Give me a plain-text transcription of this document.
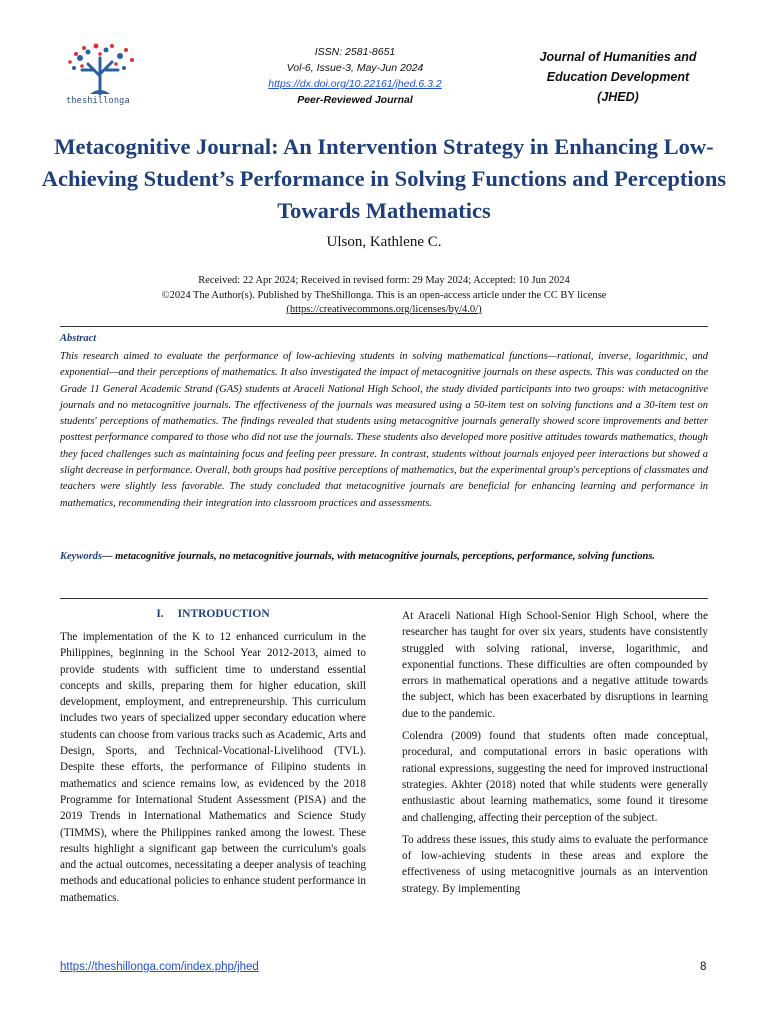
theshillonga
ISSN: 2581-8651
Vol-6, Issue-3, May-Jun 2024
https://dx.doi.org/10.22161/jhed.6.3.2
Peer-Reviewed Journal
Journal of Humanities and
Education Development
(JHED)
Metacognitive Journal: An Intervention Strategy in Enhancing Low-Achieving Student’s Performance in Solving Functions and Perceptions Towards Mathematics
Ulson, Kathlene C.
Received: 22 Apr 2024; Received in revised form: 29 May 2024; Accepted: 10 Jun 2024
©2024 The Author(s). Published by TheShillonga. This is an open-access article under the CC BY license
(https://creativecommons.org/licenses/by/4.0/)
Abstract
This research aimed to evaluate the performance of low-achieving students in solving mathematical functions—rational, inverse, logarithmic, and exponential—and their perceptions of mathematics. It also investigated the impact of metacognitive journals on these aspects. This was conducted on the Grade 11 General Academic Strand (GAS) students at Araceli National High School, the study divided participants into two groups: with metacognitive journals and no metacognitive journals. The effectiveness of the journals was measured using a 50-item test on solving functions and a 30-item test on students' perceptions of mathematics. The findings revealed that students using metacognitive journals generally showed score improvements and better posttest performance compared to those who did not use the journals. These students also developed more positive attitudes towards mathematics, though they faced challenges such as maintaining focus and feeling peer pressure. In contrast, students without journals enjoyed peer interactions but showed a slight decrease in performance. Overall, both groups had positive perceptions of mathematics, but the experimental group's perceptions of classmates and teachers were slightly less favorable. The study concluded that metacognitive journals are beneficial for enhancing learning and performance in mathematics, recommending their integration into classroom practices and assessments.
Keywords— metacognitive journals, no metacognitive journals, with metacognitive journals, perceptions, performance, solving functions.
I. INTRODUCTION

The implementation of the K to 12 enhanced curriculum in the Philippines, beginning in the School Year 2012-2013, aimed to provide students with sufficient time to understand essential concepts and skills, preparing them for higher education, skill development, employment, and entrepreneurship. This curriculum includes two years of specialized upper secondary education where students can choose from various tracks such as Academic, Arts and Design, Sports, and Technical-Vocational-Livelihood (TVL). Despite these efforts, the performance of Filipino students in mathematics and science remains low, as evidenced by the 2018 Programme for International Student Assessment (PISA) and the 2019 Trends in International Mathematics and Science Study (TIMMS), where the Philippines ranked among the lowest. These results highlight a significant gap between the curriculum's goals and the actual outcomes, necessitating a deeper analysis of teaching methods and educational policies to enhance student performance in mathematics.

At Araceli National High School-Senior High School, where the researcher has taught for over six years, students have consistently struggled with solving rational, inverse, logarithmic, and exponential functions. These difficulties are often compounded by errors in mathematical operations and a negative attitude towards the subject, which has been exacerbated by disruptions in learning due to the pandemic.

Colendra (2009) found that students often made conceptual, procedural, and computational errors in basic operations with rational expressions, suggesting the need for improved instructional strategies. Akhter (2018) noted that while students were generally enthusiastic about learning mathematics, some found it tiresome and challenging, affecting their perception of the subject.

To address these issues, this study aims to evaluate the performance of low-achieving students in these areas and explore the effectiveness of using metacognitive journals as an intervention strategy. By implementing

https://theshillonga.com/index.php/jhed	8
